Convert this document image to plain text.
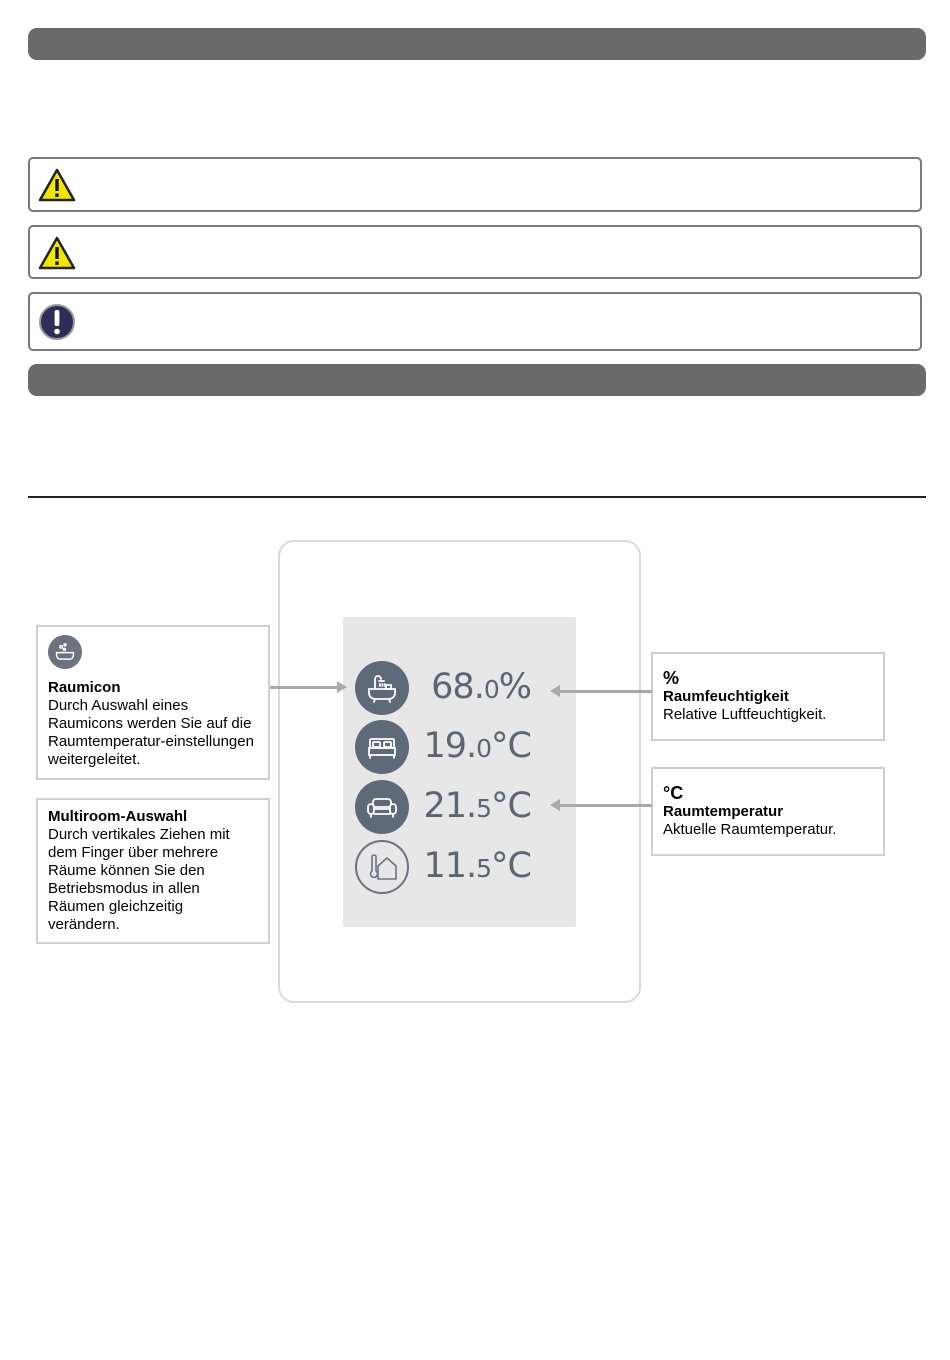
68.0%
19.0°C
21.5°C
11.5°C
Raumicon
Durch Auswahl eines Raumicons werden Sie auf die Raumtemperatur-einstellungen weitergeleitet.
Multiroom-Auswahl
Durch vertikales Ziehen mit dem Finger über mehrere Räume können Sie den Betriebsmodus in allen Räumen gleichzeitig verändern.
%
Raumfeuchtigkeit
Relative Luftfeuchtigkeit.
°C
Raumtemperatur
Aktuelle Raumtemperatur.
